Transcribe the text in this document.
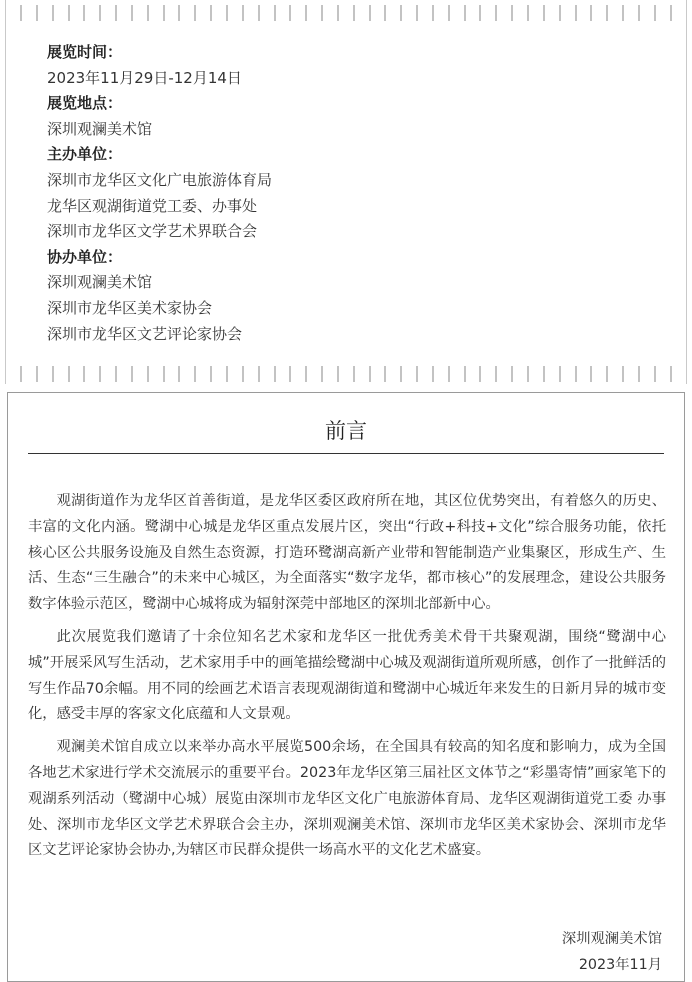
展览时间：
2023年11月29日-12月14日
展览地点：
深圳观澜美术馆
主办单位：
深圳市龙华区文化广电旅游体育局
龙华区观湖街道党工委、办事处
深圳市龙华区文学艺术界联合会
协办单位：
深圳观澜美术馆
深圳市龙华区美术家协会
深圳市龙华区文艺评论家协会
前言

观湖街道作为龙华区首善街道，是龙华区委区政府所在地，其区位优势突出，有着悠久的历史、丰富的文化内涵。鹭湖中心城是龙华区重点发展片区，突出“行政+科技+文化”综合服务功能，依托核心区公共服务设施及自然生态资源，打造环鹭湖高新产业带和智能制造产业集聚区，形成生产、生活、生态“三生融合”的未来中心城区，为全面落实“数字龙华，都市核心”的发展理念，建设公共服务数字体验示范区，鹭湖中心城将成为辐射深莞中部地区的深圳北部新中心。

此次展览我们邀请了十余位知名艺术家和龙华区一批优秀美术骨干共聚观湖，围绕“鹭湖中心城”开展采风写生活动，艺术家用手中的画笔描绘鹭湖中心城及观湖街道所观所感，创作了一批鲜活的写生作品70余幅。用不同的绘画艺术语言表现观湖街道和鹭湖中心城近年来发生的日新月异的城市变化，感受丰厚的客家文化底蕴和人文景观。

观澜美术馆自成立以来举办高水平展览500余场，在全国具有较高的知名度和影响力，成为全国各地艺术家进行学术交流展示的重要平台。2023年龙华区第三届社区文体节之“彩墨寄情”画家笔下的观湖系列活动（鹭湖中心城）展览由深圳市龙华区文化广电旅游体育局、龙华区观湖街道党工委 办事处、深圳市龙华区文学艺术界联合会主办，深圳观澜美术馆、深圳市龙华区美术家协会、深圳市龙华区文艺评论家协会协办,为辖区市民群众提供一场高水平的文化艺术盛宴。

深圳观澜美术馆
2023年11月
